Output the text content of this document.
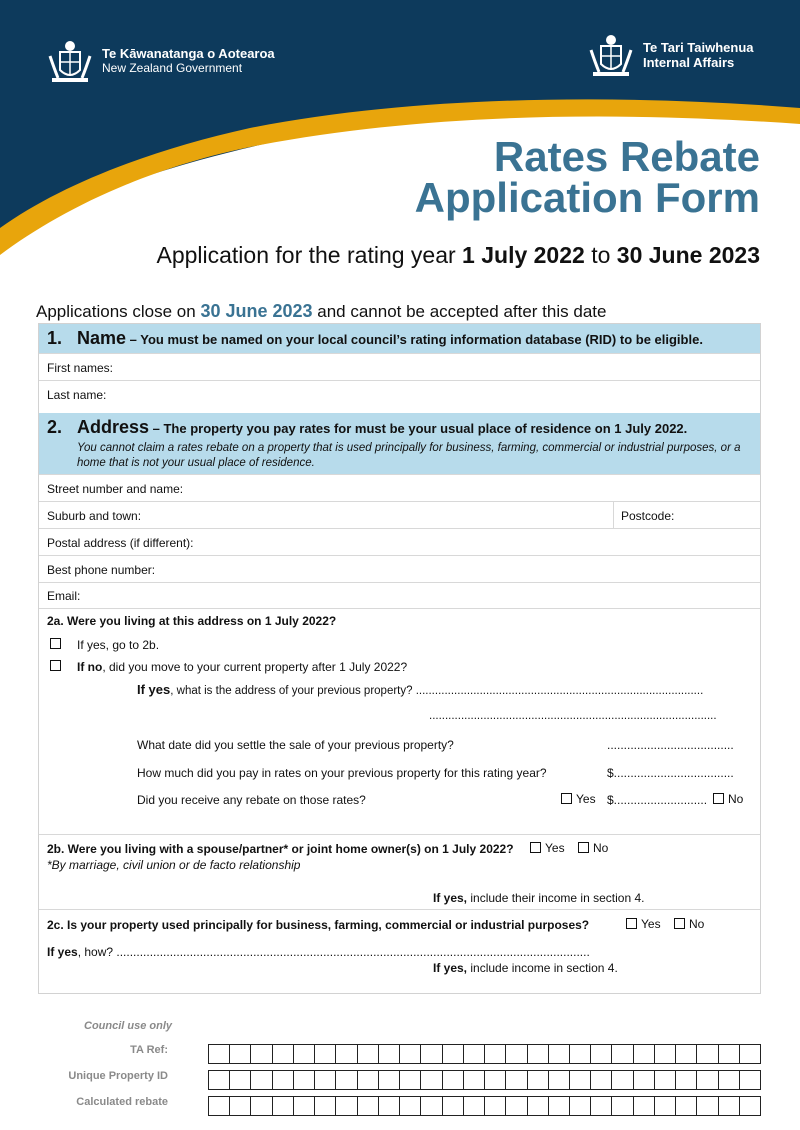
Te Kāwanatanga o Aotearoa
New Zealand Government
Te Tari Taiwhenua
Internal Affairs
Rates Rebate
Application Form
Application for the rating year 1 July 2022 to 30 June 2023
Applications close on 30 June 2023 and cannot be accepted after this date
1. Name – You must be named on your local council’s rating information database (RID) to be eligible.
First names:
Last name:
2. Address – The property you pay rates for must be your usual place of residence on 1 July 2022.
You cannot claim a rates rebate on a property that is used principally for business, farming, commercial or industrial purposes, or a home that is not your usual place of residence.
Street number and name:
Suburb and town:	Postcode:
Postal address (if different):
Best phone number:
Email:
2a. Were you living at this address on 1 July 2022?
If yes, go to 2b.
If no, did you move to your current property after 1 July 2022?
If yes, what is the address of your previous property? ..........................................................................................
..........................................................................................
What date did you settle the sale of your previous property?	......................................
How much did you pay in rates on your previous property for this rating year?	$....................................
Did you receive any rebate on those rates?	Yes $............................	No
2b. Were you living with a spouse/partner* or joint home owner(s) on 1 July 2022?	Yes	No
*By marriage, civil union or de facto relationship
If yes, include their income in section 4.
2c. Is your property used principally for business, farming, commercial or industrial purposes?	Yes	No
If yes, how? ..............................................................................................................................................
If yes, include income in section 4.
Council use only
TA Ref:
Unique Property ID
Calculated rebate
